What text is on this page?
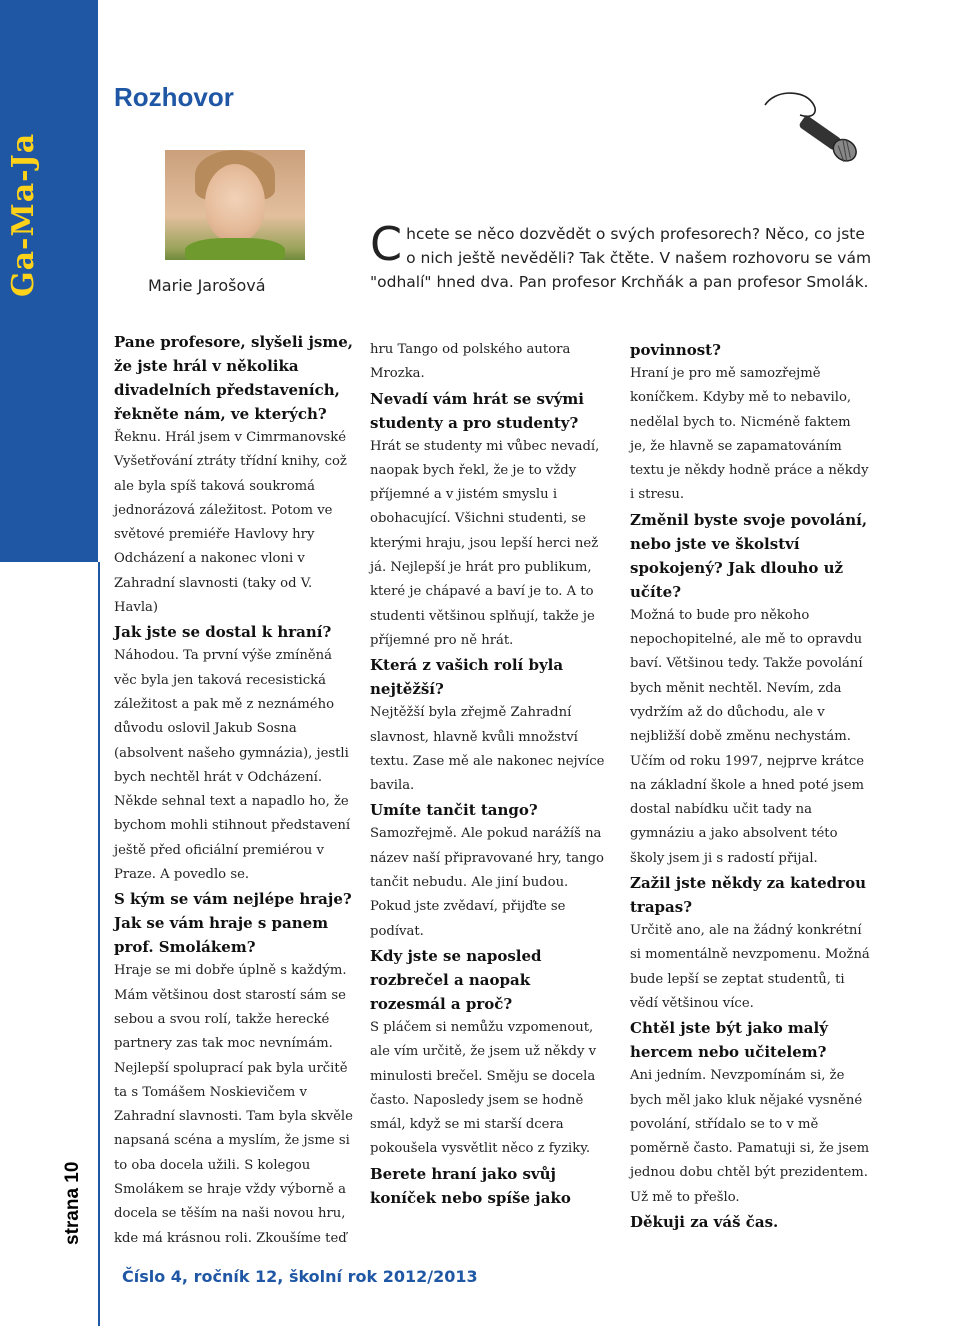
Ga-Ma-Ja
strana 10
Rozhovor
Marie Jarošová
C hcete se něco dozvědět o svých profesorech? Něco, co jste o nich ještě nevěděli? Tak čtěte. V našem rozhovoru se vám "odhalí" hned dva. Pan profesor Krchňák a pan profesor Smolák.

Pane profesore, slyšeli jsme, že jste hrál v několika divadelních představeních, řekněte nám, ve kterých?

Řeknu. Hrál jsem v Cimrmanovské Vyšetřování ztráty třídní knihy, což ale byla spíš taková soukromá jednorázová záležitost. Potom ve světové premiéře Havlovy hry Odcházení a nakonec vloni v Zahradní slavnosti (taky od V. Havla)

Jak jste se dostal k hraní?

Náhodou. Ta první výše zmíněná věc byla jen taková recesistická záležitost a pak mě z neznámého důvodu oslovil Jakub Sosna (absolvent našeho gymnázia), jestli bych nechtěl hrát v Odcházení. Někde sehnal text a napadlo ho, že bychom mohli stihnout představení ještě před oficiální premiérou v Praze. A povedlo se.

S kým se vám nejlépe hraje? Jak se vám hraje s panem prof. Smolákem?

Hraje se mi dobře úplně s každým. Mám většinou dost starostí sám se sebou a svou rolí, takže herecké partnery zas tak moc nevnímám. Nejlepší spoluprací pak byla určitě ta s Tomášem Noskievičem v Zahradní slavnosti. Tam byla skvěle napsaná scéna a myslím, že jsme si to oba docela užili. S kolegou Smolákem se hraje vždy výborně a docela se těším na naši novou hru, kde má krásnou roli. Zkoušíme teď

hru Tango od polského autora Mrozka.

Nevadí vám hrát se svými studenty a pro studenty?

Hrát se studenty mi vůbec nevadí, naopak bych řekl, že je to vždy příjemné a v jistém smyslu i obohacující. Všichni studenti, se kterými hraju, jsou lepší herci než já. Nejlepší je hrát pro publikum, které je chápavé a baví je to. A to studenti většinou splňují, takže je příjemné pro ně hrát.

Která z vašich rolí byla nejtěžší?

Nejtěžší byla zřejmě Zahradní slavnost, hlavně kvůli množství textu. Zase mě ale nakonec nejvíce bavila.

Umíte tančit tango?

Samozřejmě. Ale pokud narážíš na název naší připravované hry, tango tančit nebudu. Ale jiní budou. Pokud jste zvědaví, přijďte se podívat.

Kdy jste se naposled rozbrečel a naopak rozesmál a proč?

S pláčem si nemůžu vzpomenout, ale vím určitě, že jsem už někdy v minulosti brečel. Směju se docela často. Naposledy jsem se hodně smál, když se mi starší dcera pokoušela vysvětlit něco z fyziky.

Berete hraní jako svůj koníček nebo spíše jako

povinnost?

Hraní je pro mě samozřejmě koníčkem. Kdyby mě to nebavilo, nedělal bych to. Nicméně faktem je, že hlavně se zapamatováním textu je někdy hodně práce a někdy i stresu.

Změnil byste svoje povolání, nebo jste ve školství spokojený? Jak dlouho už učíte?

Možná to bude pro někoho nepochopitelné, ale mě to opravdu baví. Většinou tedy. Takže povolání bych měnit nechtěl. Nevím, zda vydržím až do důchodu, ale v nejbližší době změnu nechystám. Učím od roku 1997, nejprve krátce na základní škole a hned poté jsem dostal nabídku učit tady na gymnáziu a jako absolvent této školy jsem ji s radostí přijal.

Zažil jste někdy za katedrou trapas?

Určitě ano, ale na žádný konkrétní si momentálně nevzpomenu. Možná bude lepší se zeptat studentů, ti vědí většinou více.

Chtěl jste být jako malý hercem nebo učitelem?

Ani jedním. Nevzpomínám si, že bych měl jako kluk nějaké vysněné povolání, střídalo se to v mě poměrně často. Pamatuji si, že jsem jednou dobu chtěl být prezidentem. Už mě to přešlo.

Děkuji za váš čas.

Číslo 4, ročník 12, školní rok 2012/2013
